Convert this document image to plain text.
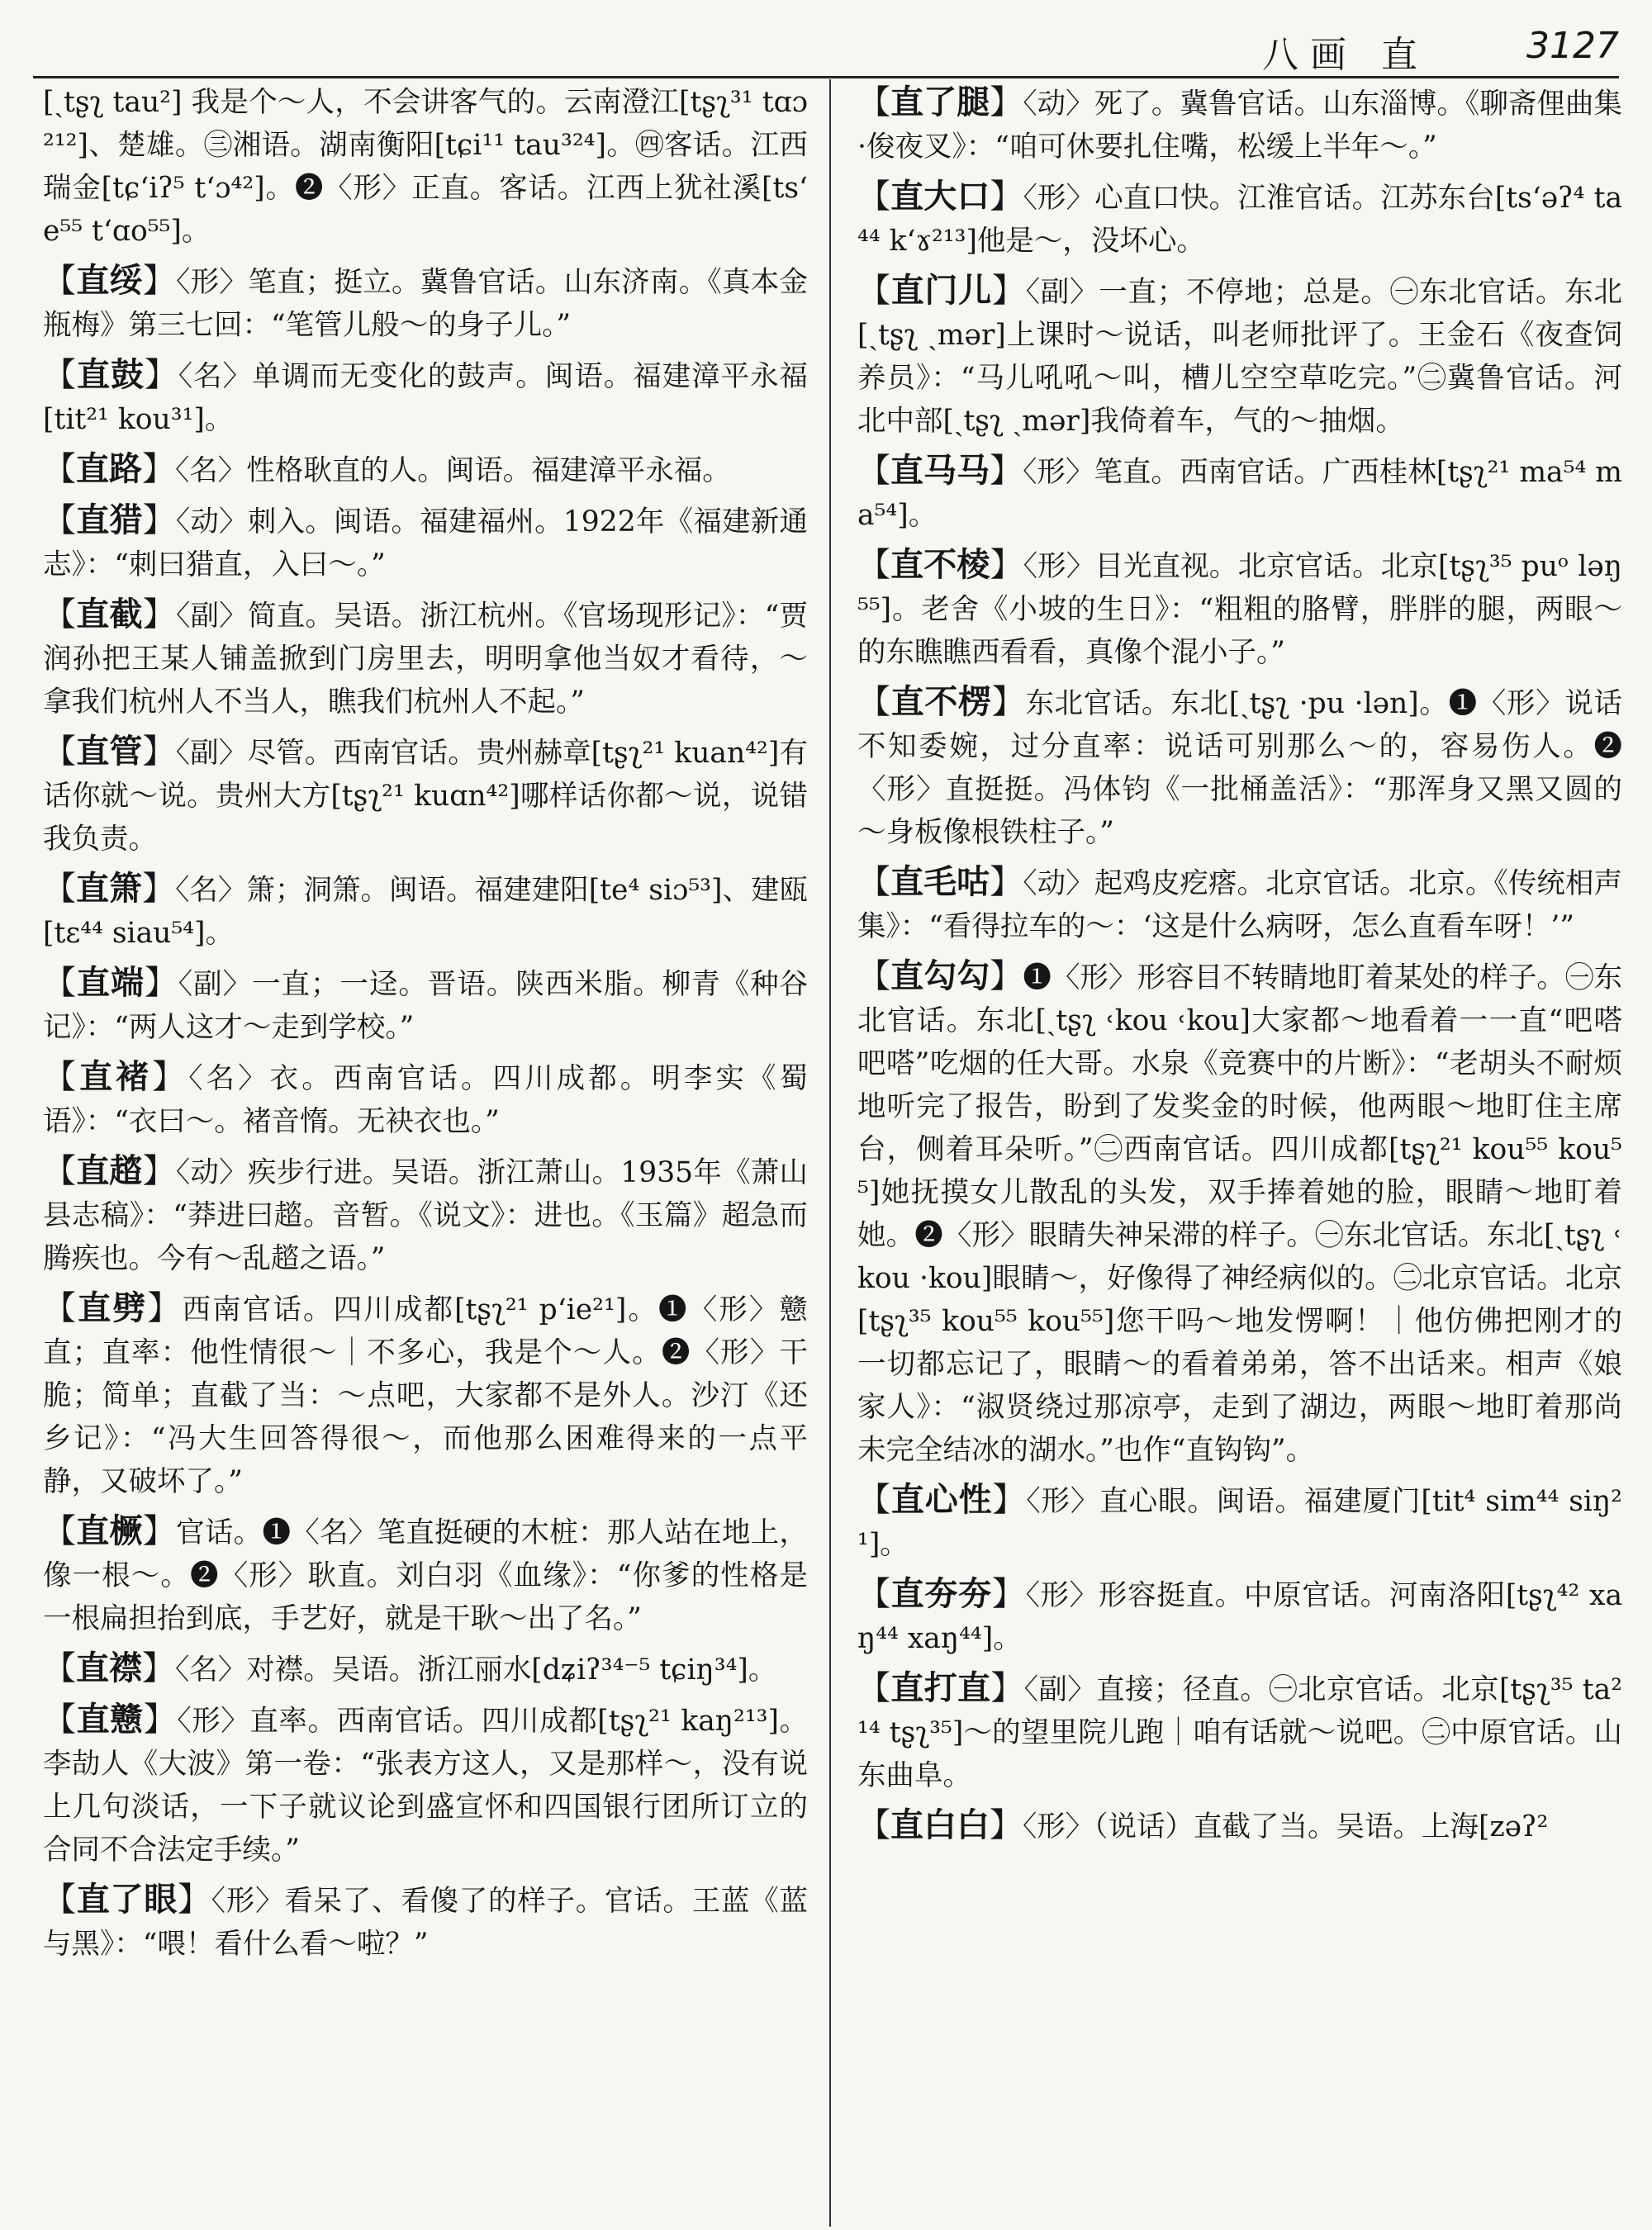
八画 直	3127

[ˏtʂʅ tau²] 我是个～人，不会讲客气的。云南澄江[tʂʅ³¹ tɑɔ²¹²]、楚雄。㊂湘语。湖南衡阳[tɕi¹¹ tau³²⁴]。㊃客话。江西瑞金[tɕʻiʔ⁵ tʻɔ⁴²]。❷〈形〉正直。客话。江西上犹社溪[tsʻe⁵⁵ tʻɑo⁵⁵]。

【直绥】〈形〉笔直；挺立。冀鲁官话。山东济南。《真本金瓶梅》第三七回：“笔管儿般～的身子儿。”

【直鼓】〈名〉单调而无变化的鼓声。闽语。福建漳平永福[tit²¹ kou³¹]。

【直路】〈名〉性格耿直的人。闽语。福建漳平永福。

【直猎】〈动〉刺入。闽语。福建福州。1922年《福建新通志》：“刺曰猎直，入曰～。”

【直截】〈副〉简直。吴语。浙江杭州。《官场现形记》：“贾润孙把王某人铺盖掀到门房里去，明明拿他当奴才看待，～拿我们杭州人不当人，瞧我们杭州人不起。”

【直管】〈副〉尽管。西南官话。贵州赫章[tʂʅ²¹ kuan⁴²]有话你就～说。贵州大方[tʂʅ²¹ kuɑn⁴²]哪样话你都～说，说错我负责。

【直箫】〈名〉箫；洞箫。闽语。福建建阳[te⁴ siɔ⁵³]、建瓯[tɛ⁴⁴ siau⁵⁴]。

【直端】〈副〉一直；一迳。晋语。陕西米脂。柳青《种谷记》：“两人这才～走到学校。”

【直褚】〈名〉衣。西南官话。四川成都。明李实《蜀语》：“衣曰～。褚音惰。无袂衣也。”

【直趦】〈动〉疾步行进。吴语。浙江萧山。1935年《萧山县志稿》：“莽进曰趦。音暂。《说文》：进也。《玉篇》超急而腾疾也。今有～乱趦之语。”

【直劈】西南官话。四川成都[tʂʅ²¹ pʻie²¹]。❶〈形〉戆直；直率：他性情很～｜不多心，我是个～人。❷〈形〉干脆；简单；直截了当：～点吧，大家都不是外人。沙汀《还乡记》：“冯大生回答得很～，而他那么困难得来的一点平静，又破坏了。”

【直橛】官话。❶〈名〉笔直挺硬的木桩：那人站在地上，像一根～。❷〈形〉耿直。刘白羽《血缘》：“你爹的性格是一根扁担抬到底，手艺好，就是干耿～出了名。”

【直襟】〈名〉对襟。吴语。浙江丽水[dʑiʔ³⁴⁻⁵ tɕiŋ³⁴]。

【直戆】〈形〉直率。西南官话。四川成都[tʂʅ²¹ kaŋ²¹³]。李劼人《大波》第一卷：“张表方这人，又是那样～，没有说上几句淡话，一下子就议论到盛宣怀和四国银行团所订立的合同不合法定手续。”

【直了眼】〈形〉看呆了、看傻了的样子。官话。王蓝《蓝与黑》：“喂！看什么看～啦？”

【直了腿】〈动〉死了。冀鲁官话。山东淄博。《聊斋俚曲集·俊夜叉》：“咱可休要扎住嘴，松缓上半年～。”

【直大口】〈形〉心直口快。江淮官话。江苏东台[tsʻəʔ⁴ ta⁴⁴ kʻɤ²¹³]他是～，没坏心。

【直门儿】〈副〉一直；不停地；总是。㊀东北官话。东北[ˏtʂʅ ˏmər]上课时～说话，叫老师批评了。王金石《夜查饲养员》：“马儿吼吼～叫，槽儿空空草吃完。”㊁冀鲁官话。河北中部[ˏtʂʅ ˏmər]我倚着车，气的～抽烟。

【直马马】〈形〉笔直。西南官话。广西桂林[tʂʅ²¹ ma⁵⁴ ma⁵⁴]。

【直不棱】〈形〉目光直视。北京官话。北京[tʂʅ³⁵ puᵒ ləŋ⁵⁵]。老舍《小坡的生日》：“粗粗的胳臂，胖胖的腿，两眼～的东瞧瞧西看看，真像个混小子。”

【直不楞】东北官话。东北[ˏtʂʅ ·pu ·lən]。❶〈形〉说话不知委婉，过分直率：说话可别那么～的，容易伤人。❷〈形〉直挺挺。冯体钧《一批桶盖活》：“那浑身又黑又圆的～身板像根铁柱子。”

【直毛咕】〈动〉起鸡皮疙瘩。北京官话。北京。《传统相声集》：“看得拉车的～：‘这是什么病呀，怎么直看车呀！’”

【直勾勾】❶〈形〉形容目不转睛地盯着某处的样子。㊀东北官话。东北[ˏtʂʅ ˓kou ˓kou]大家都～地看着一一直“吧嗒吧嗒”吃烟的任大哥。水泉《竞赛中的片断》：“老胡头不耐烦地听完了报告，盼到了发奖金的时候，他两眼～地盯住主席台，侧着耳朵听。”㊁西南官话。四川成都[tʂʅ²¹ kou⁵⁵ kou⁵⁵]她抚摸女儿散乱的头发，双手捧着她的脸，眼睛～地盯着她。❷〈形〉眼睛失神呆滞的样子。㊀东北官话。东北[ˏtʂʅ ˓kou ·kou]眼睛～，好像得了神经病似的。㊁北京官话。北京[tʂʅ³⁵ kou⁵⁵ kou⁵⁵]您干吗～地发愣啊！｜他仿佛把刚才的一切都忘记了，眼睛～的看着弟弟，答不出话来。相声《娘家人》：“淑贤绕过那凉亭，走到了湖边，两眼～地盯着那尚未完全结冰的湖水。”也作“直钩钩”。

【直心性】〈形〉直心眼。闽语。福建厦门[tit⁴ sim⁴⁴ siŋ²¹]。

【直夯夯】〈形〉形容挺直。中原官话。河南洛阳[tʂʅ⁴² xaŋ⁴⁴ xaŋ⁴⁴]。

【直打直】〈副〉直接；径直。㊀北京官话。北京[tʂʅ³⁵ ta²¹⁴ tʂʅ³⁵]～的望里院儿跑｜咱有话就～说吧。㊁中原官话。山东曲阜。

【直白白】〈形〉（说话）直截了当。吴语。上海[zəʔ²
